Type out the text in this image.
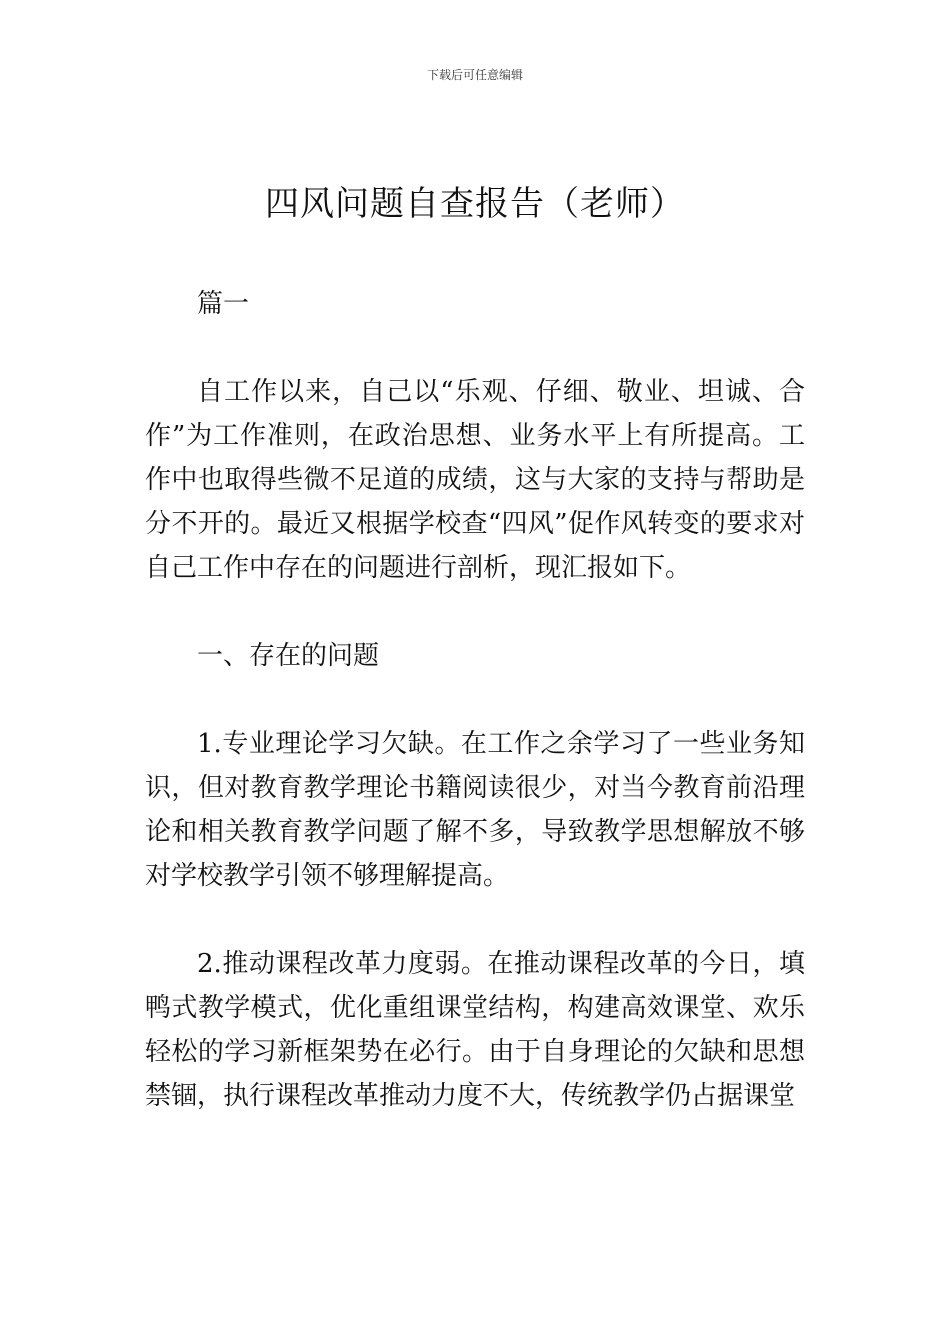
下载后可任意编辑
四风问题自查报告（老师）

篇一

自工作以来，自己以“乐观、仔细、敬业、坦诚、合作”为工作准则，在政治思想、业务水平上有所提高。工作中也取得些微不足道的成绩，这与大家的支持与帮助是分不开的。最近又根据学校查“四风”促作风转变的要求对自己工作中存在的问题进行剖析，现汇报如下。

一、存在的问题

1.专业理论学习欠缺。在工作之余学习了一些业务知识，但对教育教学理论书籍阅读很少，对当今教育前沿理论和相关教育教学问题了解不多，导致教学思想解放不够对学校教学引领不够理解提高。

2.推动课程改革力度弱。在推动课程改革的今日，填鸭式教学模式，优化重组课堂结构，构建高效课堂、欢乐轻松的学习新框架势在必行。由于自身理论的欠缺和思想禁锢，执行课程改革推动力度不大，传统教学仍占据课堂
